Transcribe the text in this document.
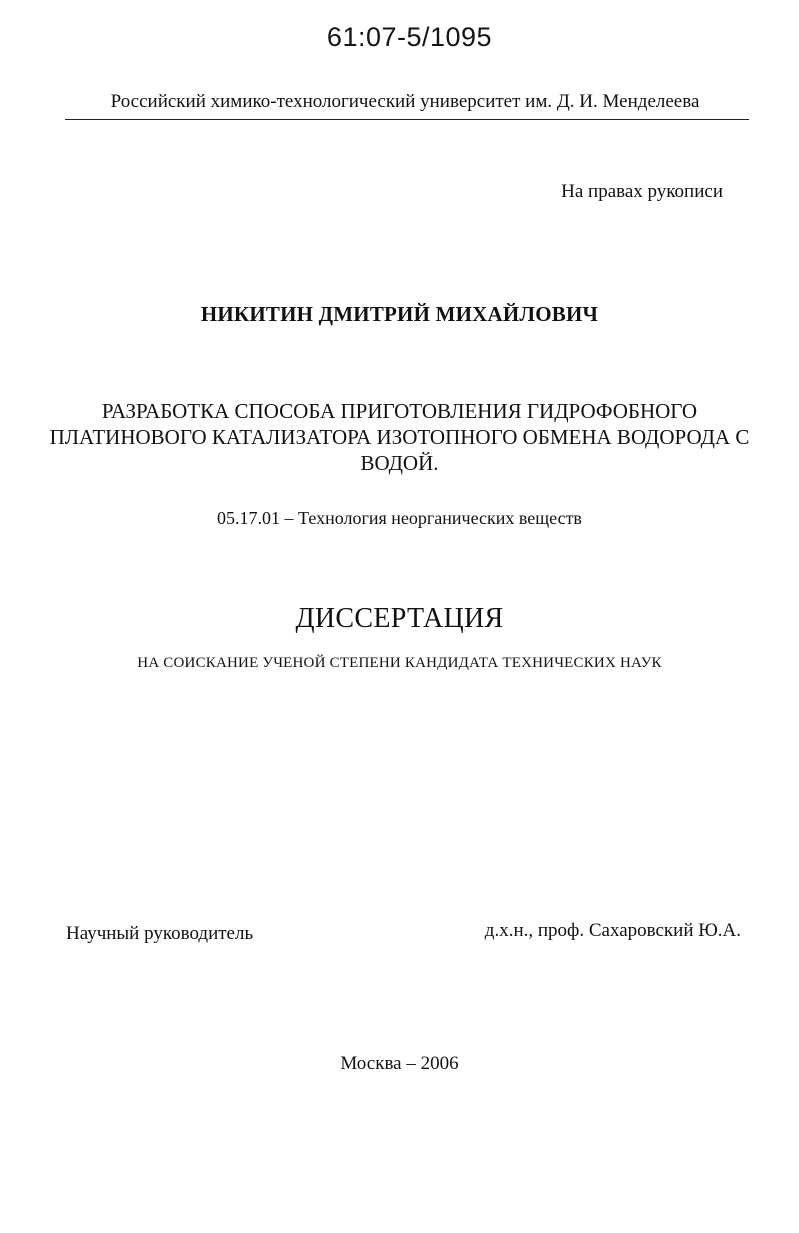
61:07-5/1095
Российский химико-технологический университет им. Д. И. Менделеева
На правах рукописи
НИКИТИН ДМИТРИЙ МИХАЙЛОВИЧ
РАЗРАБОТКА СПОСОБА ПРИГОТОВЛЕНИЯ ГИДРОФОБНОГО
ПЛАТИНОВОГО КАТАЛИЗАТОРА ИЗОТОПНОГО ОБМЕНА ВОДОРОДА С
ВОДОЙ.
05.17.01 – Технология неорганических веществ
ДИССЕРТАЦИЯ
НА СОИСКАНИЕ УЧЕНОЙ СТЕПЕНИ КАНДИДАТА ТЕХНИЧЕСКИХ НАУК
Научный руководитель	д.х.н., проф. Сахаровский Ю.А.
Москва – 2006
